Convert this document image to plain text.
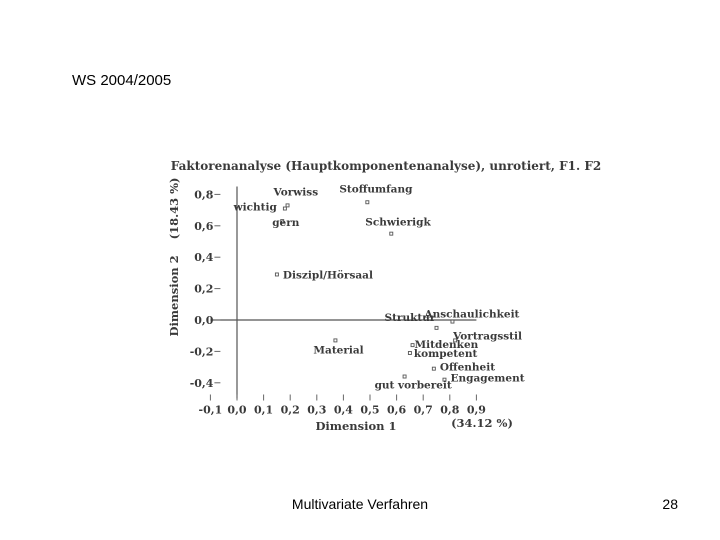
WS 2004/2005
Faktorenanalyse (Hauptkomponentenanalyse), unrotiert, F1. F2
0,8
0,6
0,4
0,2
0,0
-0,2
-0,4
-0,1 0,0 0,1 0,2 0,3 0,4 0,5 0,6 0,7 0,8 0,9
Vorwiss
wichtig
gern
Stoffumfang
Schwierigk
Diszipl/Hörsaal
Anschaulichkeit
Struktur
Vortragsstil
Mitdenken
kompetent
Material
Offenheit
Engagement
gut vorbereit
Dimension 2 (18.43 %)
Dimension 1	(34.12 %)
Multivariate Verfahren	28
